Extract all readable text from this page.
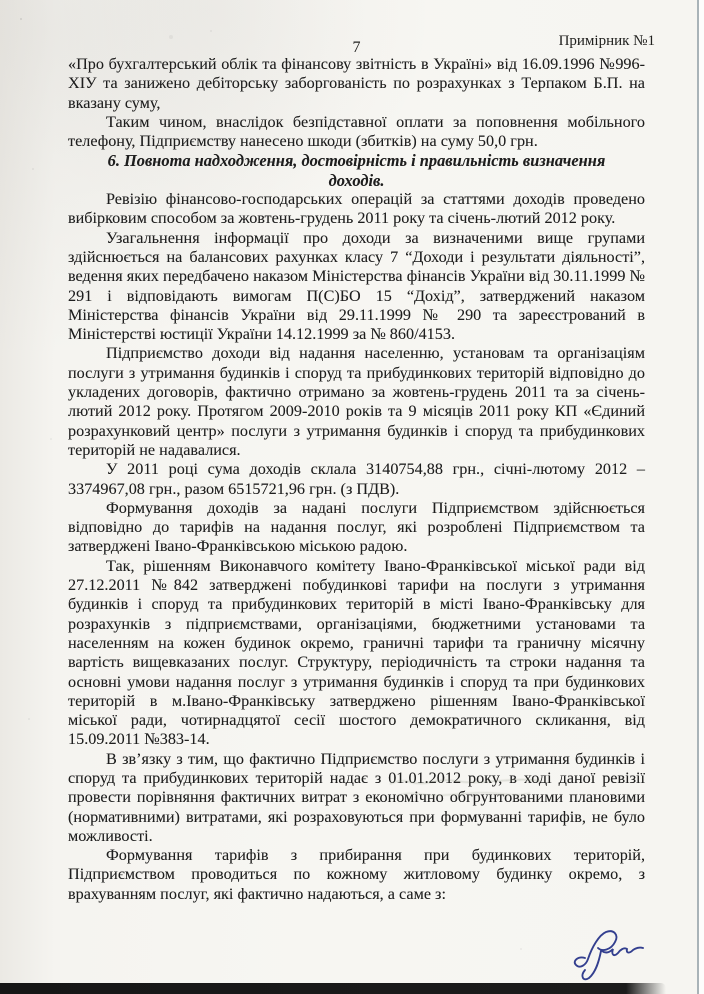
7	Примірник №1

«Про бухгалтерський облік та фінансову звітність в Україні» від 16.09.1996 №996-ХІУ та занижено дебіторську заборгованість по розрахунках з Терпаком Б.П. на вказану суму,

Таким чином, внаслідок безпідставної оплати за поповнення мобільного телефону, Підприємству нанесено шкоди (збитків) на суму 50,0 грн.

6. Повнота надходження, достовірність і правильність визначення доходів.

Ревізію фінансово-господарських операцій за статтями доходів проведено вибірковим способом за жовтень-грудень 2011 року та січень-лютий 2012 року.

Узагальнення інформації про доходи за визначеними вище групами здійснюється на балансових рахунках класу 7 “Доходи і результати діяльності”, ведення яких передбачено наказом Міністерства фінансів України від 30.11.1999 № 291 і відповідають вимогам П(С)БО 15 “Дохід”, затверджений наказом Міністерства фінансів України від 29.11.1999 № 290 та зареєстрований в Міністерстві юстиції України 14.12.1999 за № 860/4153.

Підприємство доходи від надання населенню, установам та організаціям послуги з утримання будинків і споруд та прибудинкових територій відповідно до укладених договорів, фактично отримано за жовтень-грудень 2011 та за січень-лютий 2012 року. Протягом 2009-2010 років та 9 місяців 2011 року КП «Єдиний розрахунковий центр» послуги з утримання будинків і споруд та прибудинкових територій не надавалися.

У 2011 році сума доходів склала 3140754,88 грн., січні-лютому 2012 – 3374967,08 грн., разом 6515721,96 грн. (з ПДВ).

Формування доходів за надані послуги Підприємством здійснюється відповідно до тарифів на надання послуг, які розроблені Підприємством та затверджені Івано-Франківською міською радою.

Так, рішенням Виконавчого комітету Івано-Франківської міської ради від 27.12.2011 №842 затверджені побудинкові тарифи на послуги з утримання будинків і споруд та прибудинкових територій в місті Івано-Франківську для розрахунків з підприємствами, організаціями, бюджетними установами та населенням на кожен будинок окремо, граничні тарифи та граничну місячну вартість вищевказаних послуг. Структуру, періодичність та строки надання та основні умови надання послуг з утримання будинків і споруд та при будинкових територій в м.Івано-Франківську затверджено рішенням Івано-Франківської міської ради, чотирнадцятої сесії шостого демократичного скликання, від 15.09.2011 №383-14.

В зв’язку з тим, що фактично Підприємство послуги з утримання будинків і споруд та прибудинкових територій надає з 01.01.2012 року, в ході даної ревізії провести порівняння фактичних витрат з економічно обгрунтованими плановими (нормативними) витратами, які розраховуються при формуванні тарифів, не було можливості.

Формування тарифів з прибирання при будинкових територій, Підприємством проводиться по кожному житловому будинку окремо, з врахуванням послуг, які фактично надаються, а саме з:
